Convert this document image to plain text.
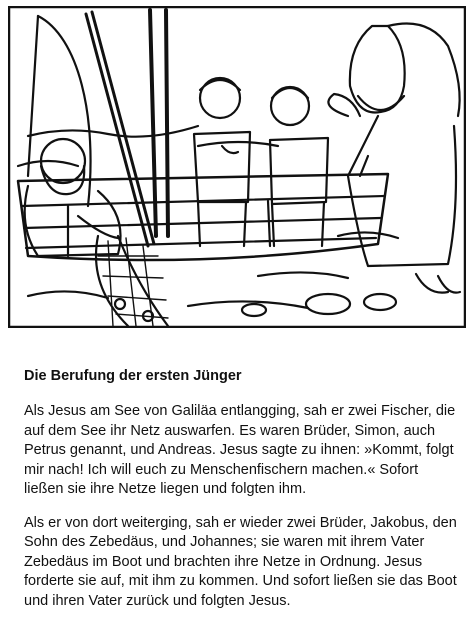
Die Berufung der ersten Jünger

Als Jesus am See von Galiläa entlangging, sah er zwei Fischer, die auf dem See ihr Netz auswarfen. Es waren Brüder, Simon, auch Petrus genannt, und Andreas. Jesus sagte zu ihnen: »Kommt, folgt mir nach! Ich will euch zu Menschenfischern machen.« Sofort ließen sie ihre Netze liegen und folgten ihm.

Als er von dort weiterging, sah er wieder zwei Brüder, Jakobus, den Sohn des Zebedäus, und Johannes; sie waren mit ihrem Vater Zebedäus im Boot und brachten ihre Netze in Ordnung. Jesus forderte sie auf, mit ihm zu kommen. Und sofort ließen sie das Boot und ihren Vater zurück und folgten Jesus.
